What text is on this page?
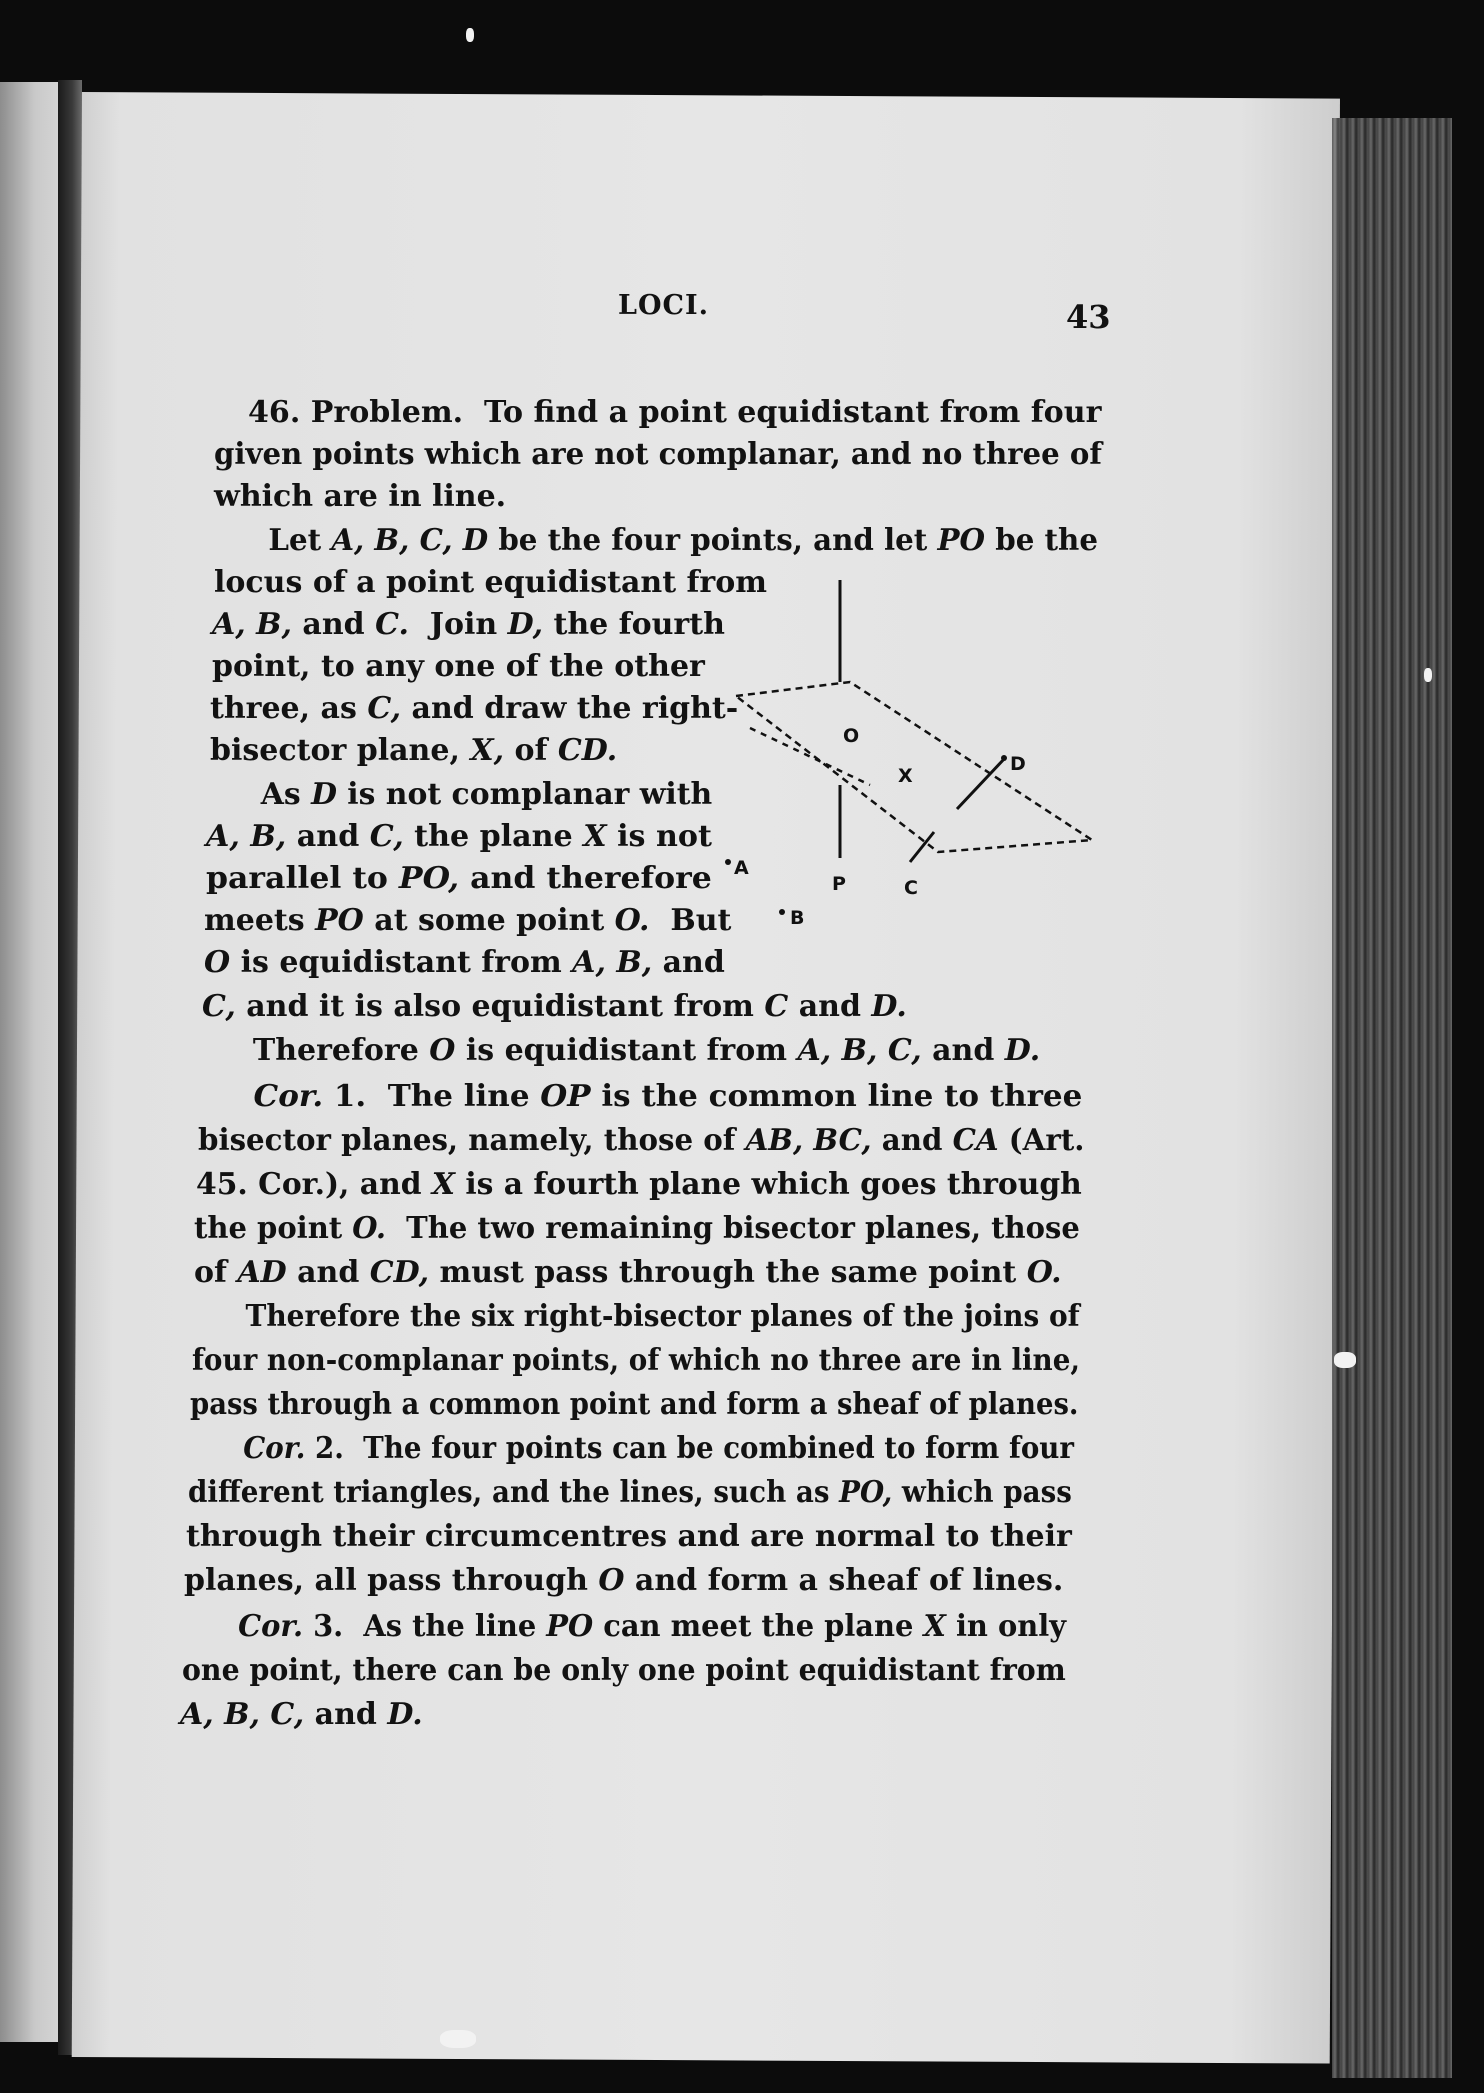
LOCI.	43
46. Problem.  To find a point equidistant from four
given points which are not complanar, and no three of
which are in line.
Let A, B, C, D be the four points, and let PO be the
locus of a point equidistant from
A, B, and C.  Join D, the fourth
point, to any one of the other
three, as C, and draw the right-
bisector plane, X, of CD.
As D is not complanar with
A, B, and C, the plane X is not
parallel to PO, and therefore
meets PO at some point O.  But
O is equidistant from A, B, and
C, and it is also equidistant from C and D.
Therefore O is equidistant from A, B, C, and D.
Cor. 1.  The line OP is the common line to three
bisector planes, namely, those of AB, BC, and CA (Art.
45. Cor.), and X is a fourth plane which goes through
the point O.  The two remaining bisector planes, those
of AD and CD, must pass through the same point O.
Therefore the six right-bisector planes of the joins of
four non-complanar points, of which no three are in line,
pass through a common point and form a sheaf of planes.
Cor. 2.  The four points can be combined to form four
different triangles, and the lines, such as PO, which pass
through their circumcentres and are normal to their
planes, all pass through O and form a sheaf of lines.
Cor. 3.  As the line PO can meet the plane X in only
one point, there can be only one point equidistant from
A, B, C, and D.
O
X
D
A
B
P	C
